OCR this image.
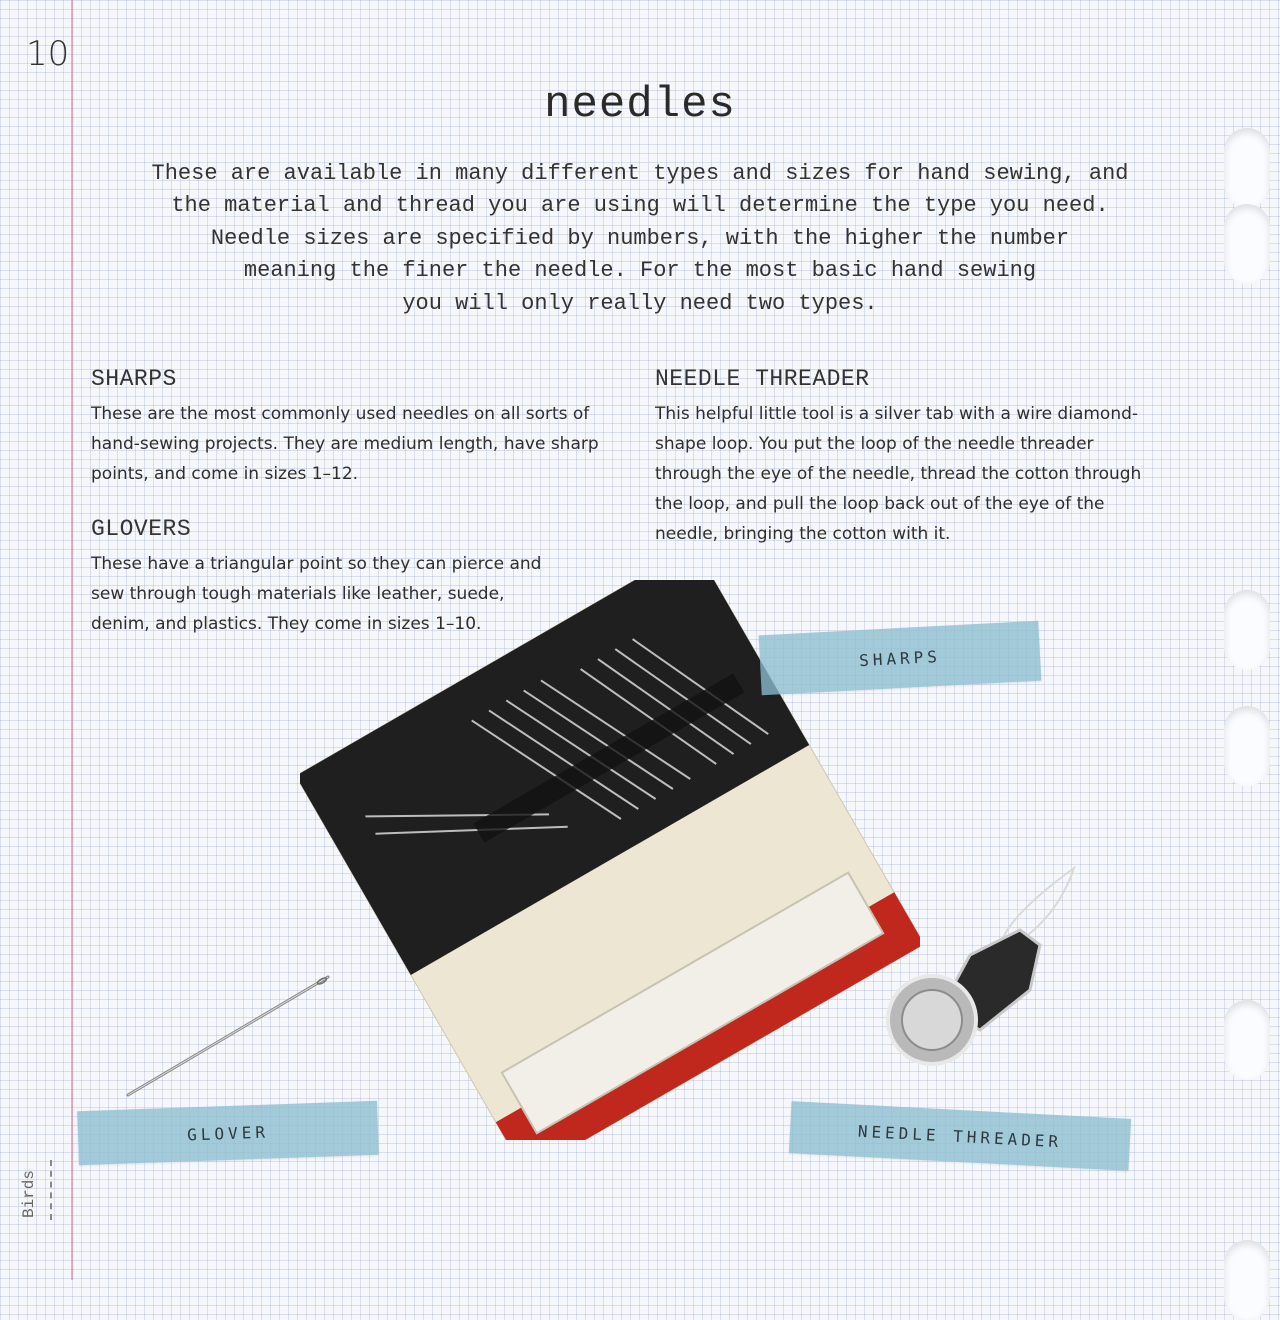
10
needles
These are available in many different types and sizes for hand sewing, and
the material and thread you are using will determine the type you need.
Needle sizes are specified by numbers, with the higher the number
meaning the finer the needle. For the most basic hand sewing
you will only really need two types.
SHARPS

These are the most commonly used needles on all sorts of
hand-sewing projects. They are medium length, have sharp
points, and come in sizes 1–12.

GLOVERS

These have a triangular point so they can pierce and
sew through tough materials like leather, suede,
denim, and plastics. They come in sizes 1–10.

NEEDLE THREADER

This helpful little tool is a silver tab with a wire diamond-
shape loop. You put the loop of the needle threader
through the eye of the needle, thread the cotton through
the loop, and pull the loop back out of the eye of the
needle, bringing the cotton with it.

SHARPS
GLOVER	NEEDLE THREADER
Birds
